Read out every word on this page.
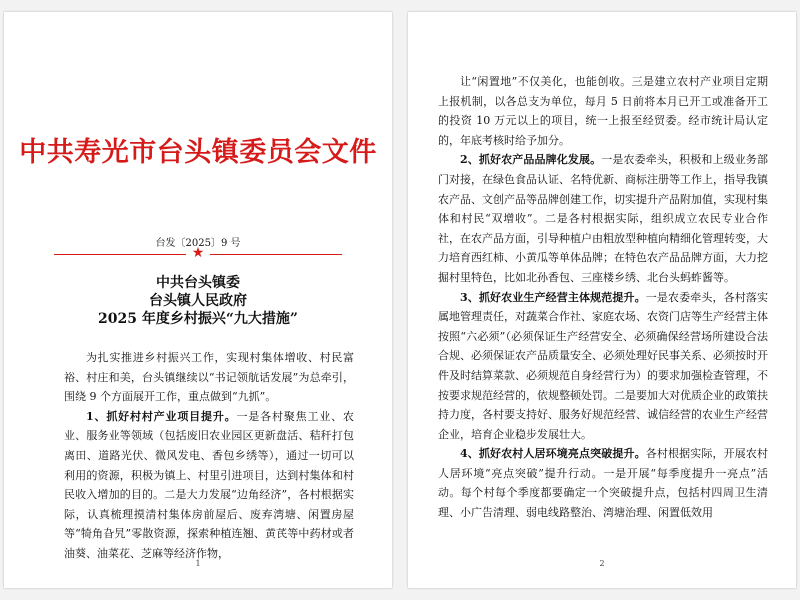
中共寿光市台头镇委员会文件
台发〔2025〕9 号
★
中共台头镇委
台头镇人民政府
2025 年度乡村振兴“九大措施”

为扎实推进乡村振兴工作，实现村集体增收、村民富裕、村庄和美，台头镇继续以“书记领航话发展”为总牵引，围绕 9 个方面展开工作，重点做到“九抓”。

1、抓好村村产业项目提升。一是各村聚焦工业、农业、服务业等领域（包括废旧农业园区更新盘活、秸秆打包离田、道路光伏、微风发电、香包乡绣等），通过一切可以利用的资源，积极为镇上、村里引进项目，达到村集体和村民收入增加的目的。二是大力发展“边角经济”，各村根据实际，认真梳理摸清村集体房前屋后、废弃湾塘、闲置房屋等“犄角旮旯”零散资源，探索种植连翘、黄芪等中药材或者油葵、油菜花、芝麻等经济作物，

1

让“闲置地”不仅美化，也能创收。三是建立农村产业项目定期上报机制，以各总支为单位，每月 5 日前将本月已开工或准备开工的投资 10 万元以上的项目，统一上报至经贸委。经市统计局认定的，年底考核时给予加分。

2、抓好农产品品牌化发展。一是农委牵头，积极和上级业务部门对接，在绿色食品认证、名特优新、商标注册等工作上，指导我镇农产品、文创产品等品牌创建工作，切实提升产品附加值，实现村集体和村民“双增收”。二是各村根据实际，组织成立农民专业合作社，在农产品方面，引导种植户由粗放型种植向精细化管理转变，大力培育西红柿、小黄瓜等单体品牌；在特色农产品品牌方面，大力挖掘村里特色，比如北孙香包、三座楼乡绣、北台头蚂蚱酱等。

3、抓好农业生产经营主体规范提升。一是农委牵头，各村落实属地管理责任，对蔬菜合作社、家庭农场、农资门店等生产经营主体按照“六必须”（必须保证生产经营安全、必须确保经营场所建设合法合规、必须保证农产品质量安全、必须处理好民事关系、必须按时开件及时结算菜款、必须规范自身经营行为）的要求加强检查管理，不按要求规范经营的，依规整顿处罚。二是要加大对优质企业的政策扶持力度，各村要支持好、服务好规范经营、诚信经营的农业生产经营企业，培育企业稳步发展壮大。

4、抓好农村人居环境亮点突破提升。各村根据实际，开展农村人居环境“亮点突破”提升行动。一是开展“每季度提升一亮点”活动。每个村每个季度都要确定一个突破提升点，包括村四周卫生清理、小广告清理、弱电线路整治、湾塘治理、闲置低效用

2
